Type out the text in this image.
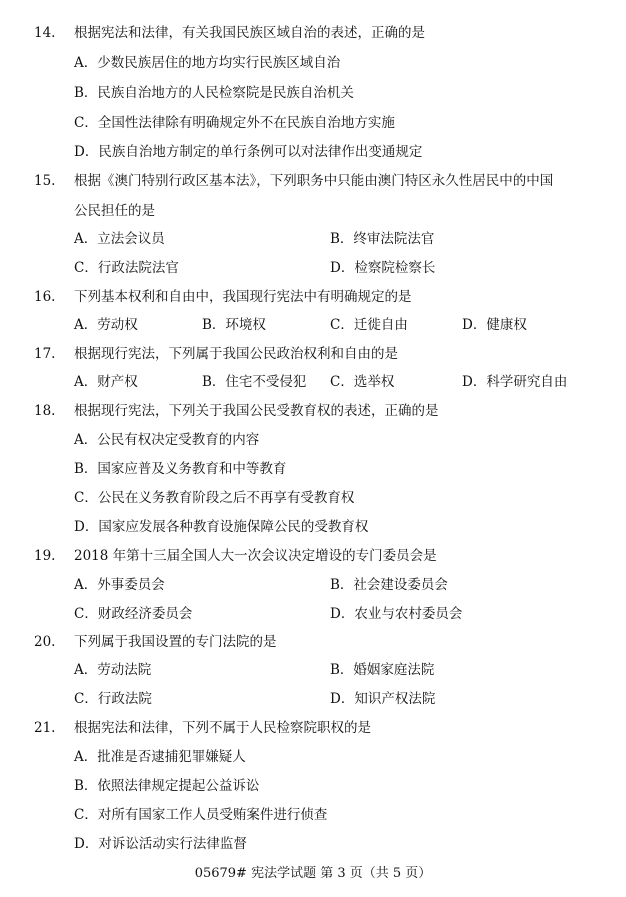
14. 根据宪法和法律，有关我国民族区域自治的表述，正确的是
A．少数民族居住的地方均实行民族区域自治
B．民族自治地方的人民检察院是民族自治机关
C．全国性法律除有明确规定外不在民族自治地方实施
D．民族自治地方制定的单行条例可以对法律作出变通规定
15. 根据《澳门特别行政区基本法》，下列职务中只能由澳门特区永久性居民中的中国
公民担任的是
A．立法会议员	B．终审法院法官
C．行政法院法官	D．检察院检察长
16. 下列基本权利和自由中，我国现行宪法中有明确规定的是
A．劳动权	B．环境权	C．迁徙自由	D．健康权
17. 根据现行宪法，下列属于我国公民政治权利和自由的是
A．财产权	B．住宅不受侵犯 C．选举权	D．科学研究自由
18. 根据现行宪法，下列关于我国公民受教育权的表述，正确的是
A．公民有权决定受教育的内容
B．国家应普及义务教育和中等教育
C．公民在义务教育阶段之后不再享有受教育权
D．国家应发展各种教育设施保障公民的受教育权
19. 2018 年第十三届全国人大一次会议决定增设的专门委员会是
A．外事委员会	B．社会建设委员会
C．财政经济委员会	D．农业与农村委员会
20. 下列属于我国设置的专门法院的是
A．劳动法院	B．婚姻家庭法院
C．行政法院	D．知识产权法院
21. 根据宪法和法律，下列不属于人民检察院职权的是
A．批准是否逮捕犯罪嫌疑人
B．依照法律规定提起公益诉讼
C．对所有国家工作人员受贿案件进行侦查
D．对诉讼活动实行法律监督
05679# 宪法学试题 第 3 页（共 5 页）
